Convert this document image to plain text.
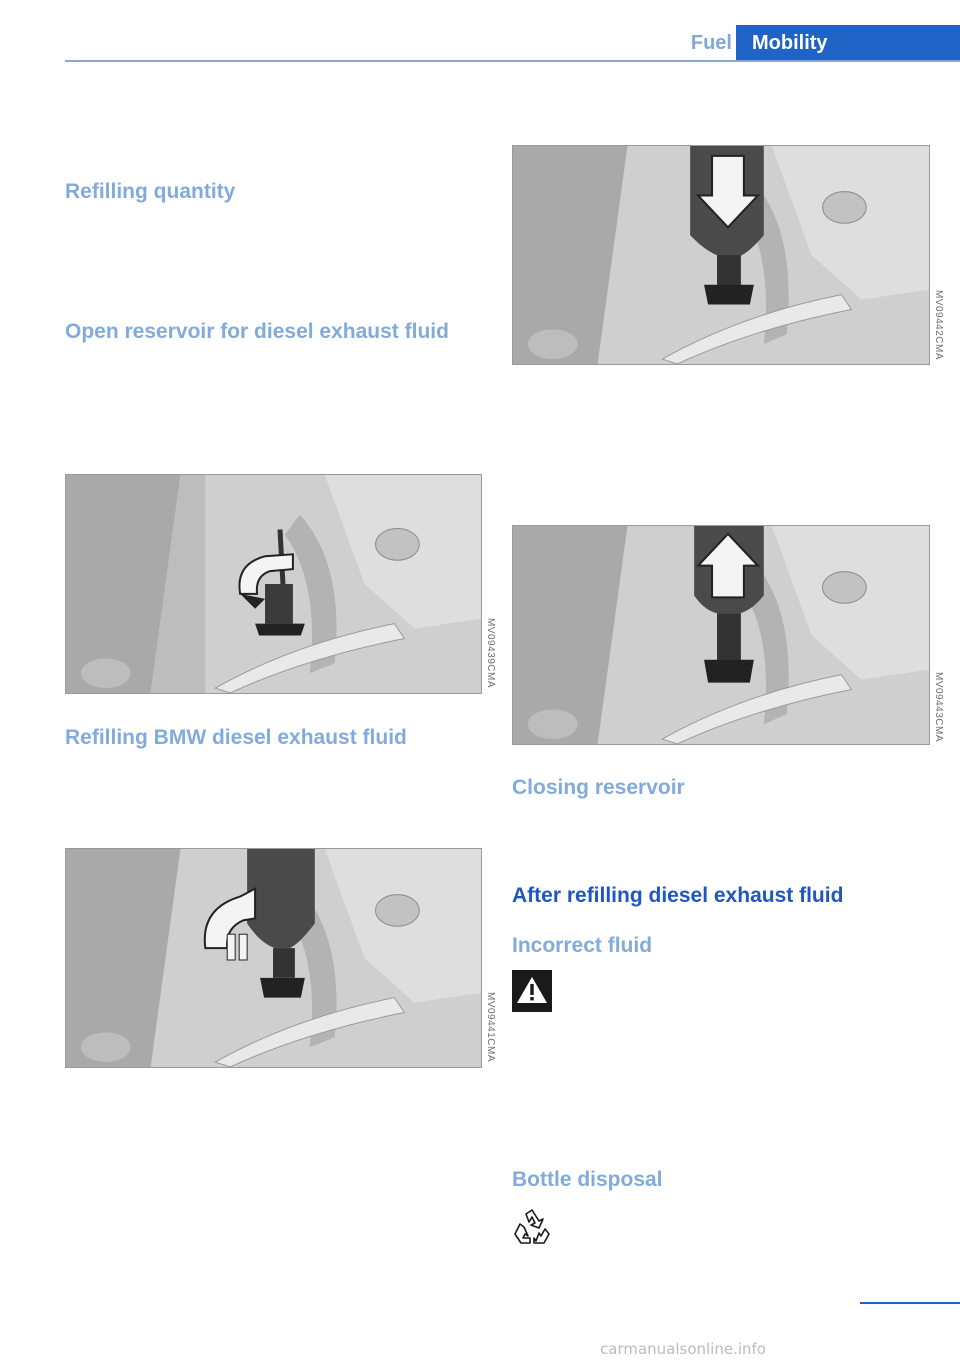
Fuel	Mobility
Refilling quantity
Open reservoir for diesel exhaust fluid
MV09439CMA
Refilling BMW diesel exhaust fluid
MV09441CMA
MV09442CMA
MV09443CMA
Closing reservoir
After refilling diesel exhaust fluid
Incorrect fluid
Bottle disposal
carmanualsonline.info
